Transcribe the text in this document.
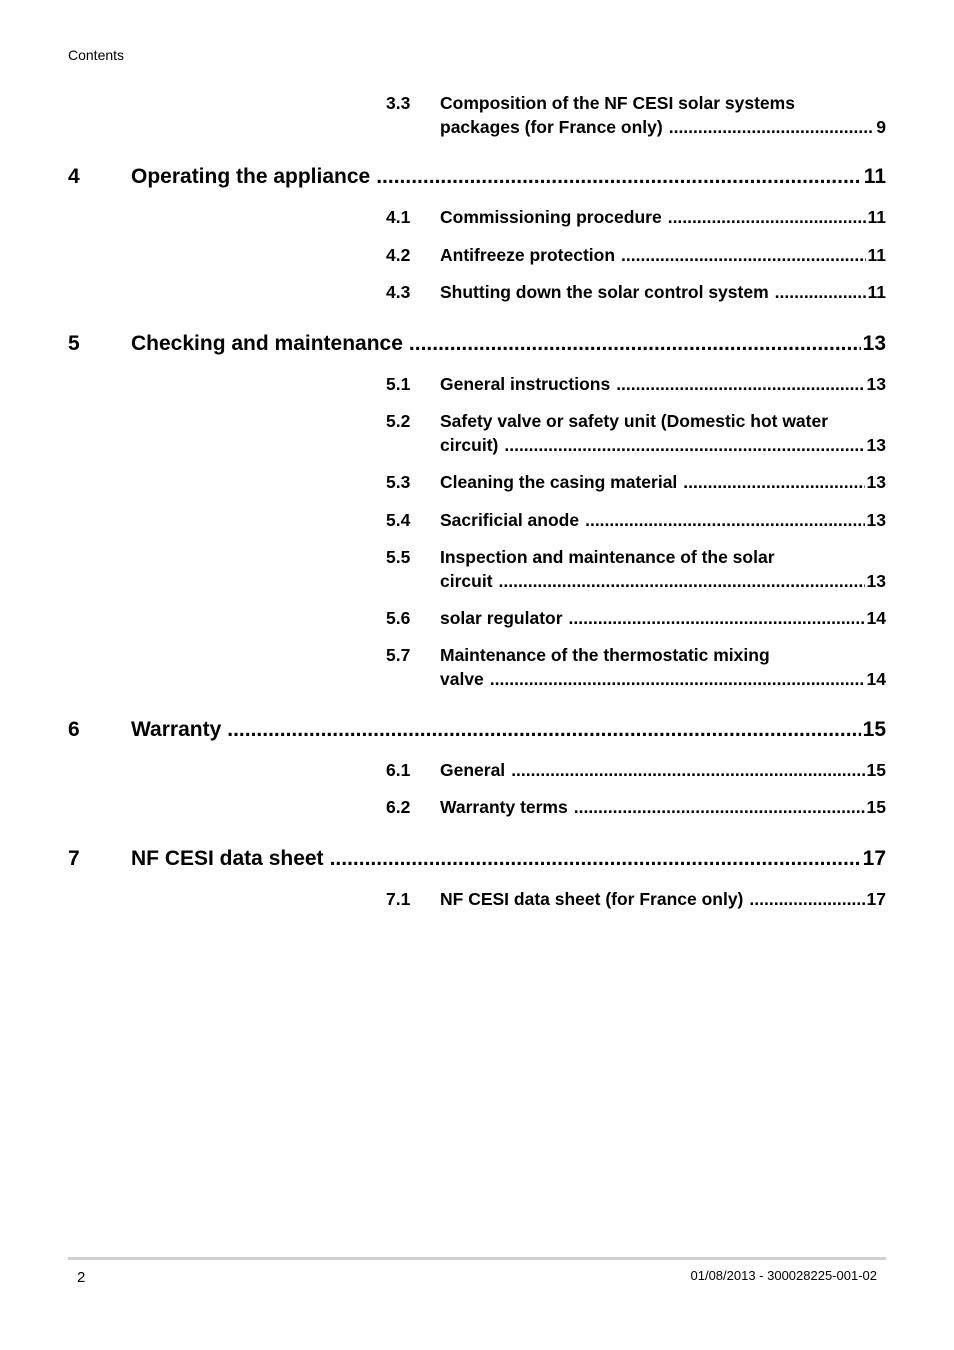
Contents
3.3	Composition of the NF CESI solar systems
packages (for France only) .....	9
4	Operating the appliance .....	11
4.1	Commissioning procedure .....	11
4.2	Antifreeze protection .....	11
4.3	Shutting down the solar control system .....	11
5	Checking and maintenance .....	13
5.1	General instructions .....	13
5.2	Safety valve or safety unit (Domestic hot water
circuit) .....	13
5.3	Cleaning the casing material .....	13
5.4	Sacrificial anode .....	13
5.5	Inspection and maintenance of the solar
circuit .....	13
5.6	solar regulator .....	14
5.7	Maintenance of the thermostatic mixing
valve .....	14
6	Warranty .....	15
6.1	General .....	15
6.2	Warranty terms .....	15
7	NF CESI data sheet .....	17
7.1	NF CESI data sheet (for France only) .....	17
2	01/08/2013 - 300028225-001-02
